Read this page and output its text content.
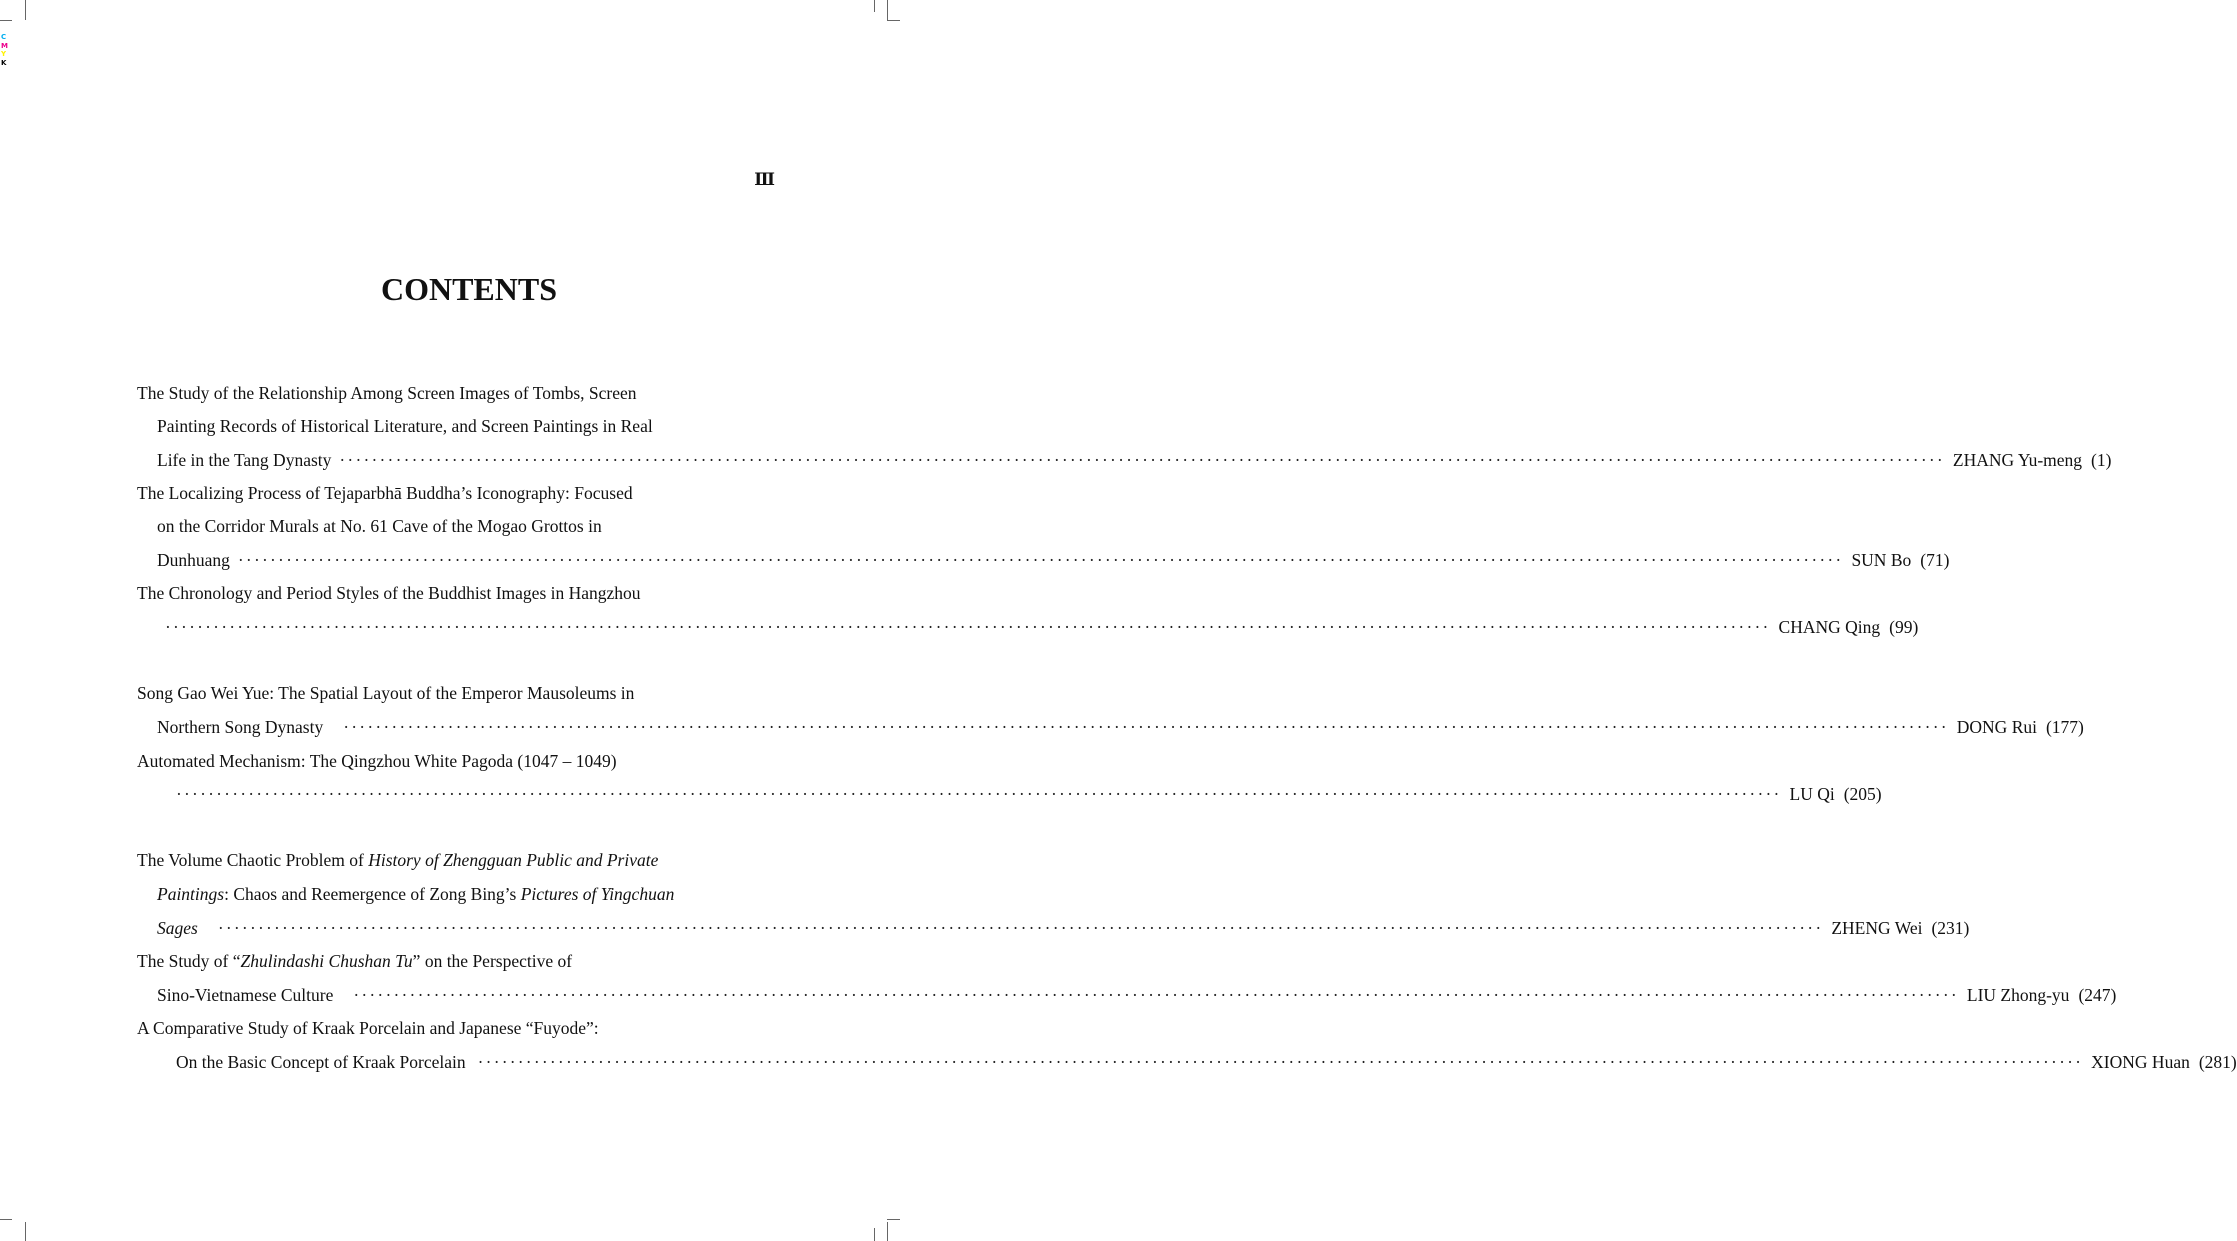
C
M
Y
K
Ⅲ
CONTENTS
The Study of the Relationship Among Screen Images of Tombs, Screen
Painting Records of Historical Literature, and Screen Paintings in Real
Life in the Tang Dynasty ········································································································································································································ ZHANG Yu-meng (1)
The Localizing Process of Tejaparbhā Buddha’s Iconography: Focused
on the Corridor Murals at No. 61 Cave of the Mogao Grottos in
Dunhuang ········································································································································································································ SUN Bo (71)
The Chronology and Period Styles of the Buddhist Images in Hangzhou
········································································································································································································ CHANG Qing (99)
Song Gao Wei Yue: The Spatial Layout of the Emperor Mausoleums in
Northern Song Dynasty ········································································································································································································ DONG Rui (177)
Automated Mechanism: The Qingzhou White Pagoda (1047 – 1049)
········································································································································································································ LU Qi (205)
The Volume Chaotic Problem of History of Zhengguan Public and Private
Paintings: Chaos and Reemergence of Zong Bing’s Pictures of Yingchuan
Sages ········································································································································································································ ZHENG Wei (231)
The Study of “Zhulindashi Chushan Tu” on the Perspective of
Sino-Vietnamese Culture ········································································································································································································ LIU Zhong-yu (247)
A Comparative Study of Kraak Porcelain and Japanese “Fuyode”:
On the Basic Concept of Kraak Porcelain ········································································································································································································ XIONG Huan (281)
